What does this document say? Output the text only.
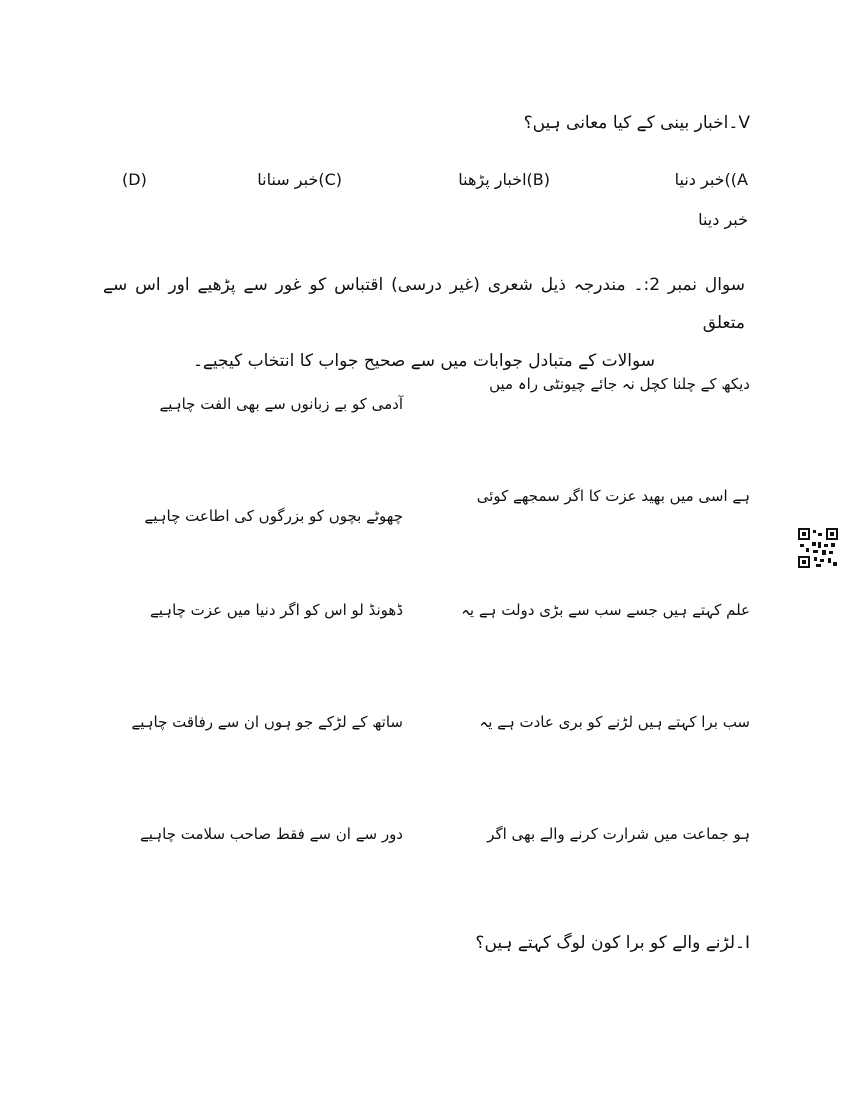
V۔اخبار بینی کے کیا معانی ہیں؟
A))خبر دنیا
(B)اخبار پڑھنا
(C)خبر سنانا
(D)
خبر دینا
سوال نمبر 2:۔ مندرجہ ذیل شعری (غیر درسی) اقتباس کو غور سے پڑھیے اور اس سے متعلق
سوالات کے متبادل جوابات میں سے صحیح جواب کا انتخاب کیجیے۔
دیکھ کے چلنا کچل نہ جائے چیونٹی راہ میں
آدمی کو بے زبانوں سے بھی الفت چاہیے
ہے اسی میں بھید عزت کا اگر سمجھے کوئی
چھوٹے بچوں کو بزرگوں کی اطاعت چاہیے
علم کہتے ہیں جسے سب سے بڑی دولت ہے یہ
ڈھونڈ لو اس کو اگر دنیا میں عزت چاہیے
سب برا کہتے ہیں لڑنے کو بری عادت ہے یہ
ساتھ کے لڑکے جو ہوں ان سے رفاقت چاہیے
ہو جماعت میں شرارت کرنے والے بھی اگر
دور سے ان سے فقط صاحب سلامت چاہیے
I۔لڑنے والے کو برا کون لوگ کہتے ہیں؟
